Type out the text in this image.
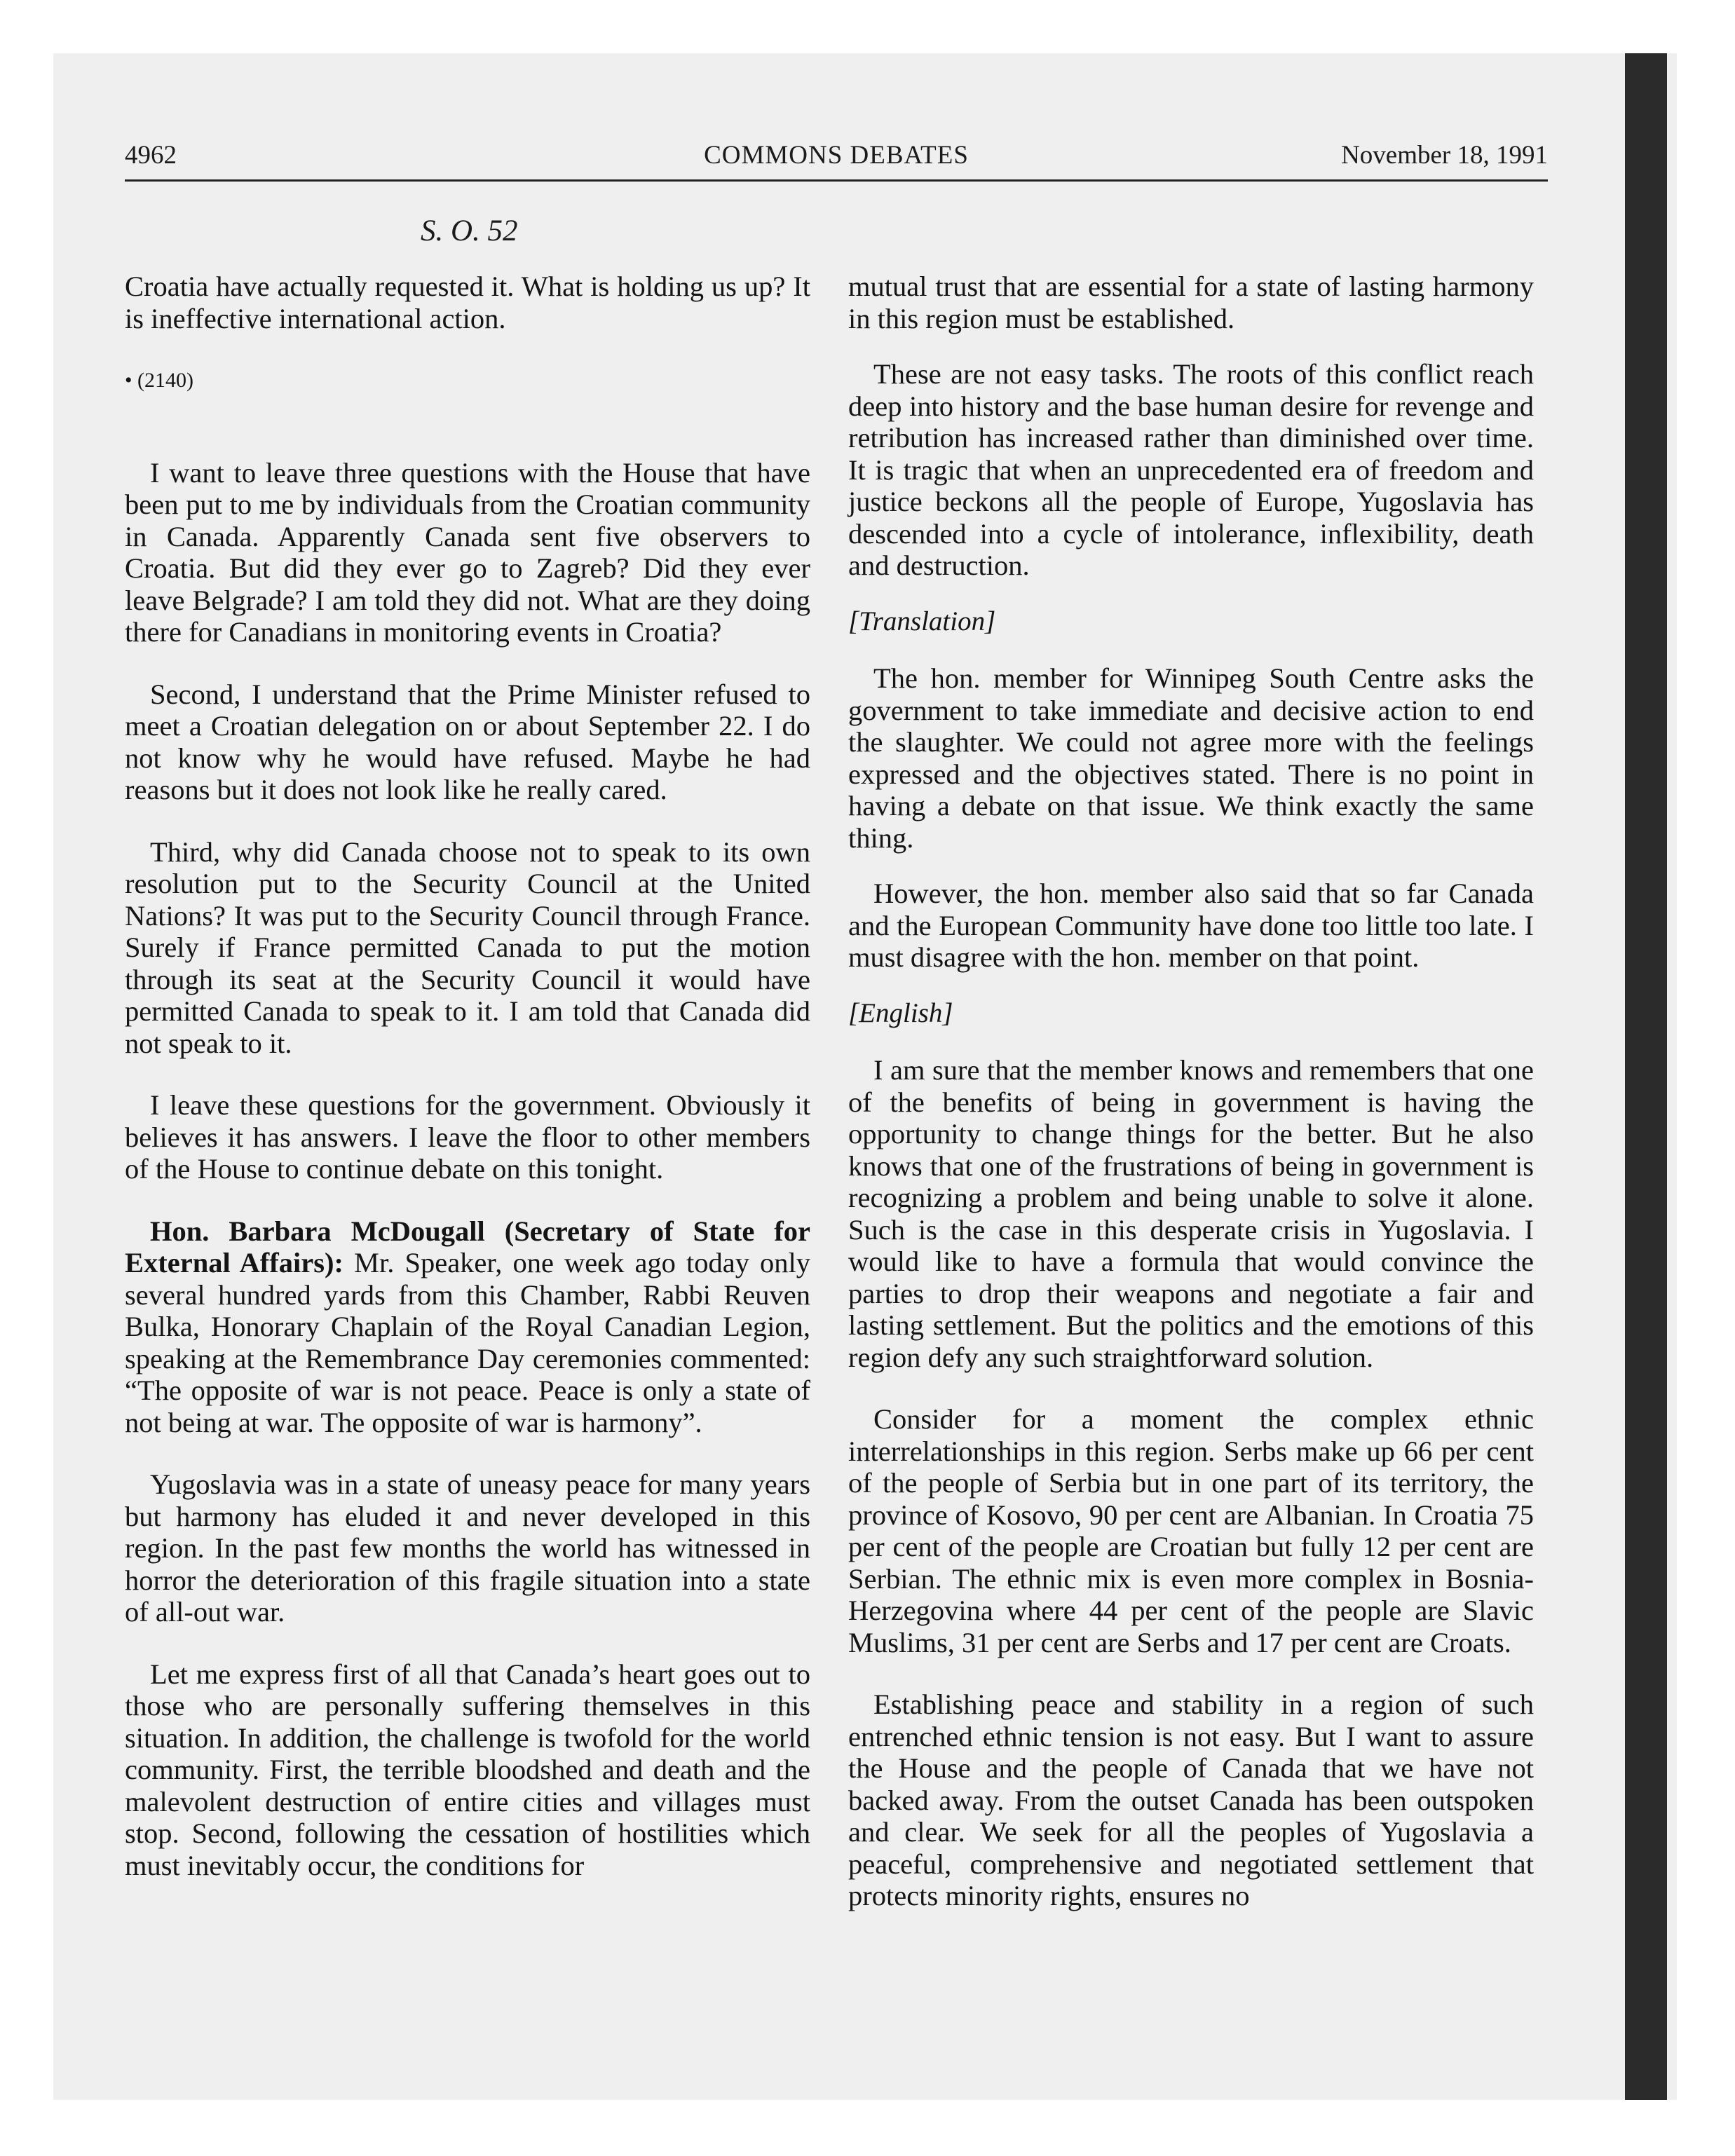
4962	COMMONS DEBATES	November 18, 1991
S. O. 52

Croatia have actually requested it. What is holding us up? It is ineffective international action.

• (2140)

I want to leave three questions with the House that have been put to me by individuals from the Croatian community in Canada. Apparently Canada sent five observers to Croatia. But did they ever go to Zagreb? Did they ever leave Belgrade? I am told they did not. What are they doing there for Canadians in monitoring events in Croatia?

Second, I understand that the Prime Minister refused to meet a Croatian delegation on or about September 22. I do not know why he would have refused. Maybe he had reasons but it does not look like he really cared.

Third, why did Canada choose not to speak to its own resolution put to the Security Council at the United Nations? It was put to the Security Council through France. Surely if France permitted Canada to put the motion through its seat at the Security Council it would have permitted Canada to speak to it. I am told that Canada did not speak to it.

I leave these questions for the government. Obviously it believes it has answers. I leave the floor to other members of the House to continue debate on this tonight.

Hon. Barbara McDougall (Secretary of State for External Affairs): Mr. Speaker, one week ago today only several hundred yards from this Chamber, Rabbi Reuven Bulka, Honorary Chaplain of the Royal Canadian Legion, speaking at the Remembrance Day ceremonies commented: “The opposite of war is not peace. Peace is only a state of not being at war. The opposite of war is harmony”.

Yugoslavia was in a state of uneasy peace for many years but harmony has eluded it and never developed in this region. In the past few months the world has witnessed in horror the deterioration of this fragile situation into a state of all-out war.

Let me express first of all that Canada’s heart goes out to those who are personally suffering themselves in this situation. In addition, the challenge is twofold for the world community. First, the terrible bloodshed and death and the malevolent destruction of entire cities and villages must stop. Second, following the cessation of hostilities which must inevitably occur, the conditions for

mutual trust that are essential for a state of lasting harmony in this region must be established.

These are not easy tasks. The roots of this conflict reach deep into history and the base human desire for revenge and retribution has increased rather than diminished over time. It is tragic that when an unprecedented era of freedom and justice beckons all the people of Europe, Yugoslavia has descended into a cycle of intolerance, inflexibility, death and destruction.

[Translation]

The hon. member for Winnipeg South Centre asks the government to take immediate and decisive action to end the slaughter. We could not agree more with the feelings expressed and the objectives stated. There is no point in having a debate on that issue. We think exactly the same thing.

However, the hon. member also said that so far Canada and the European Community have done too little too late. I must disagree with the hon. member on that point.

[English]

I am sure that the member knows and remembers that one of the benefits of being in government is having the opportunity to change things for the better. But he also knows that one of the frustrations of being in government is recognizing a problem and being unable to solve it alone. Such is the case in this desperate crisis in Yugoslavia. I would like to have a formula that would convince the parties to drop their weapons and negotiate a fair and lasting settlement. But the politics and the emotions of this region defy any such straightforward solution.

Consider for a moment the complex ethnic interrelationships in this region. Serbs make up 66 per cent of the people of Serbia but in one part of its territory, the province of Kosovo, 90 per cent are Albanian. In Croatia 75 per cent of the people are Croatian but fully 12 per cent are Serbian. The ethnic mix is even more complex in Bosnia-Herzegovina where 44 per cent of the people are Slavic Muslims, 31 per cent are Serbs and 17 per cent are Croats.

Establishing peace and stability in a region of such entrenched ethnic tension is not easy. But I want to assure the House and the people of Canada that we have not backed away. From the outset Canada has been outspoken and clear. We seek for all the peoples of Yugoslavia a peaceful, comprehensive and negotiated settlement that protects minority rights, ensures no
